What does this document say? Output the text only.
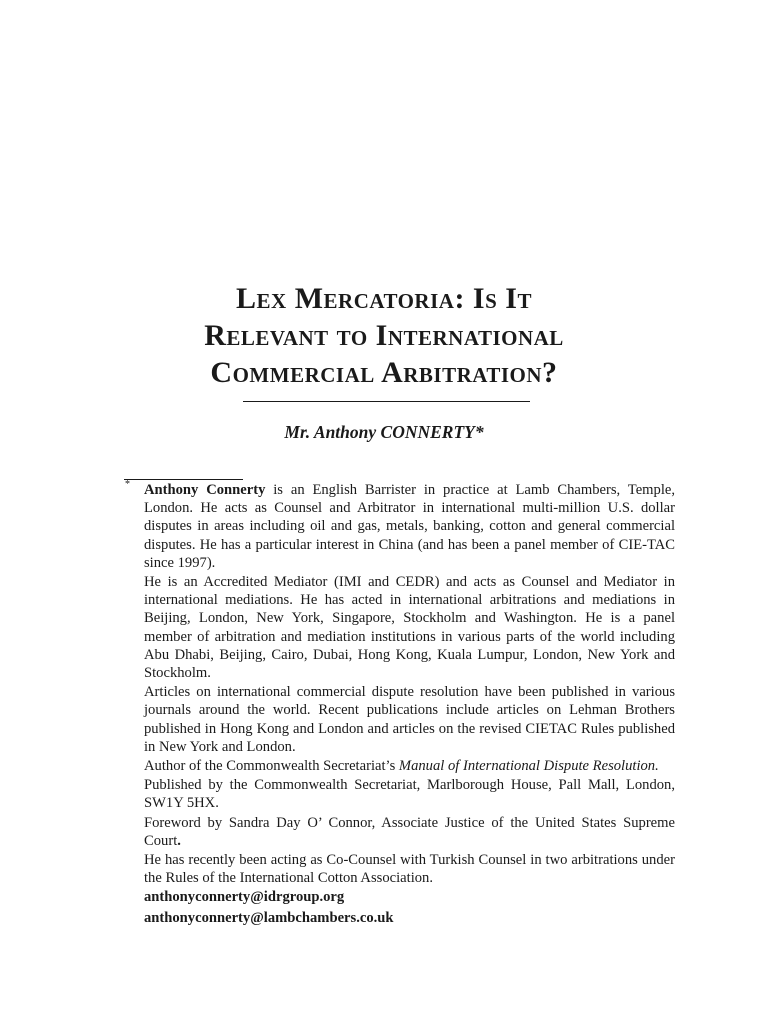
Lex Mercatoria: Is It
Relevant to International
Commercial Arbitration?
Mr. Anthony CONNERTY*
* Anthony Connerty is an English Barrister in practice at Lamb Chambers, Temple, London. He acts as Counsel and Arbitrator in international multi-million U.S. dollar disputes in areas including oil and gas, metals, banking, cotton and general commercial disputes. He has a particular interest in China (and has been a panel member of CIE-TAC since 1997).

He is an Accredited Mediator (IMI and CEDR) and acts as Counsel and Mediator in international mediations. He has acted in international arbitrations and mediations in Beijing, London, New York, Singapore, Stockholm and Washington. He is a panel member of arbitration and mediation institutions in various parts of the world including Abu Dhabi, Beijing, Cairo, Dubai, Hong Kong, Kuala Lumpur, London, New York and Stockholm.

Articles on international commercial dispute resolution have been published in various journals around the world. Recent publications include articles on Lehman Brothers published in Hong Kong and London and articles on the revised CIETAC Rules published in New York and London.

Author of the Commonwealth Secretariat’s Manual of International Dispute Resolution.

Published by the Commonwealth Secretariat, Marlborough House, Pall Mall, London, SW1Y 5HX.

Foreword by Sandra Day O’ Connor, Associate Justice of the United States Supreme Court.

He has recently been acting as Co-Counsel with Turkish Counsel in two arbitrations under the Rules of the International Cotton Association.

anthonyconnerty@idrgroup.org

anthonyconnerty@lambchambers.co.uk
